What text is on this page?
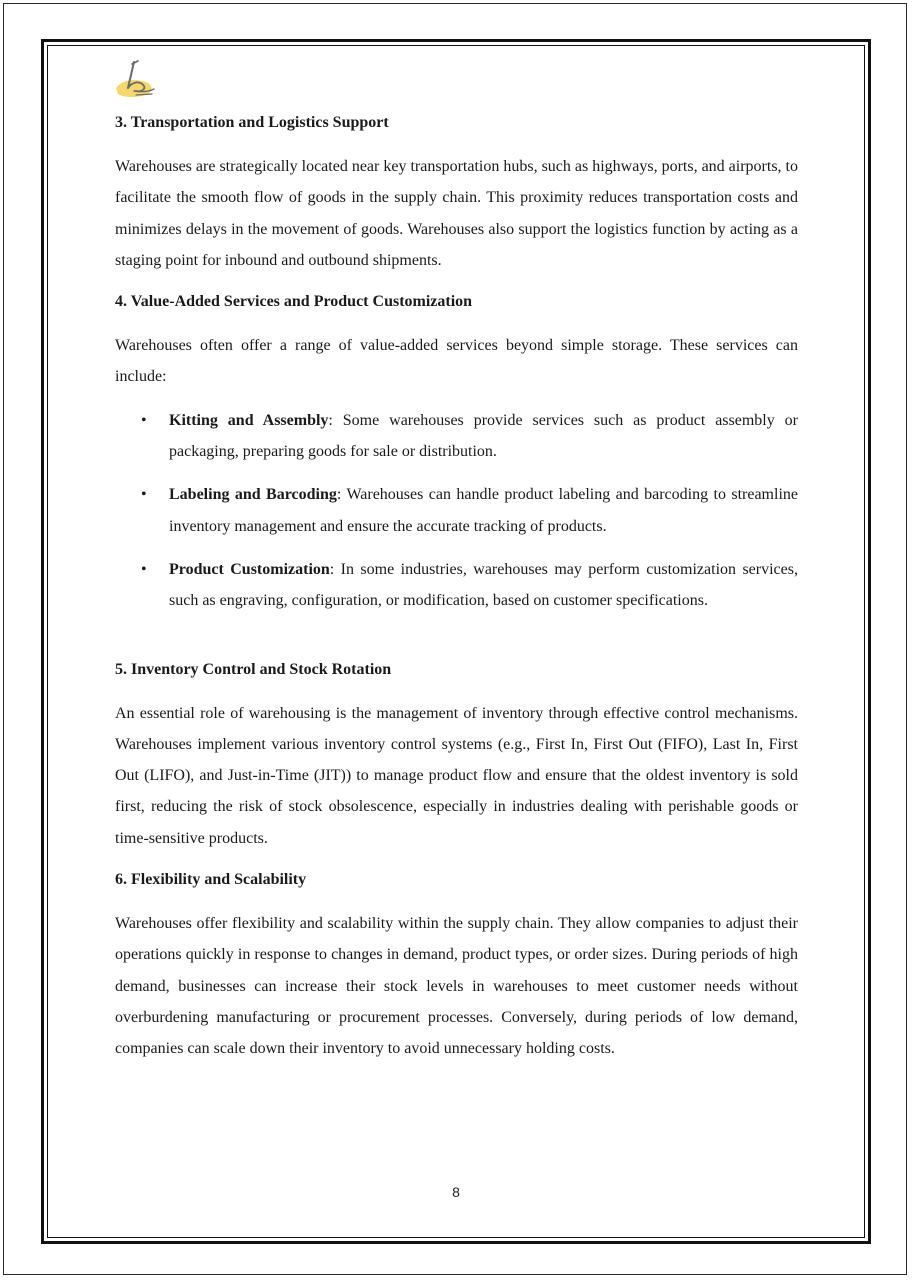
3. Transportation and Logistics Support

Warehouses are strategically located near key transportation hubs, such as highways, ports, and airports, to facilitate the smooth flow of goods in the supply chain. This proximity reduces transportation costs and minimizes delays in the movement of goods. Warehouses also support the logistics function by acting as a staging point for inbound and outbound shipments.

4. Value-Added Services and Product Customization

Warehouses often offer a range of value-added services beyond simple storage. These services can include:

• Kitting and Assembly: Some warehouses provide services such as product assembly or packaging, preparing goods for sale or distribution.
• Labeling and Barcoding: Warehouses can handle product labeling and barcoding to streamline inventory management and ensure the accurate tracking of products.
• Product Customization: In some industries, warehouses may perform customization services, such as engraving, configuration, or modification, based on customer specifications.
5. Inventory Control and Stock Rotation

An essential role of warehousing is the management of inventory through effective control mechanisms. Warehouses implement various inventory control systems (e.g., First In, First Out (FIFO), Last In, First Out (LIFO), and Just-in-Time (JIT)) to manage product flow and ensure that the oldest inventory is sold first, reducing the risk of stock obsolescence, especially in industries dealing with perishable goods or time-sensitive products.

6. Flexibility and Scalability

Warehouses offer flexibility and scalability within the supply chain. They allow companies to adjust their operations quickly in response to changes in demand, product types, or order sizes. During periods of high demand, businesses can increase their stock levels in warehouses to meet customer needs without overburdening manufacturing or procurement processes. Conversely, during periods of low demand, companies can scale down their inventory to avoid unnecessary holding costs.

8
